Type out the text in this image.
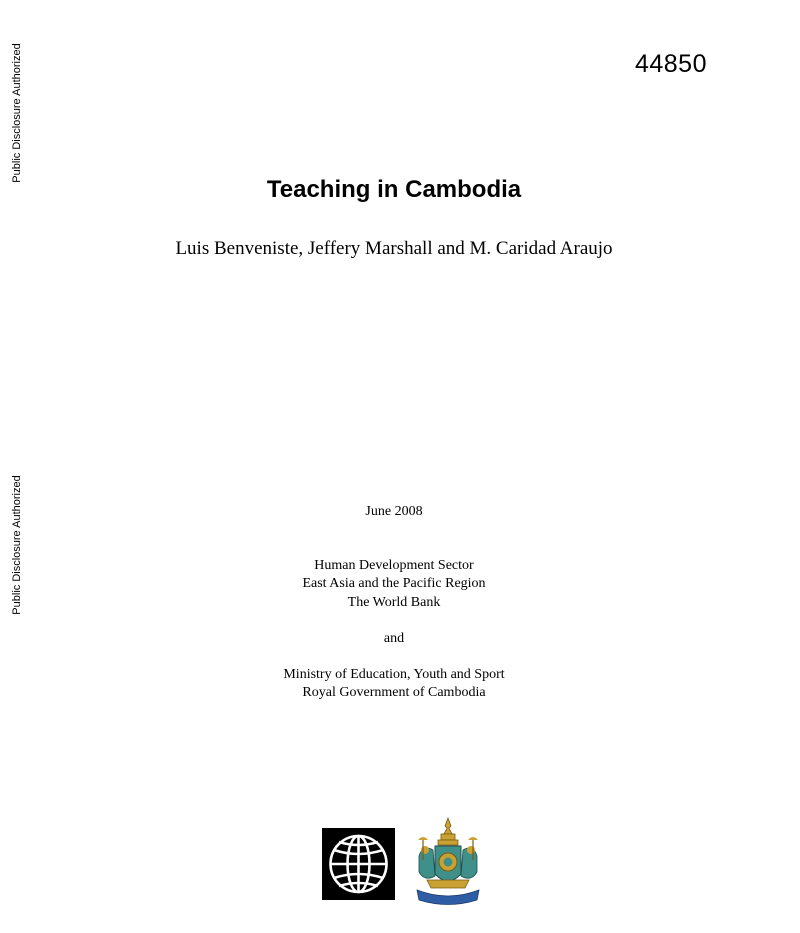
Public Disclosure Authorized
Public Disclosure Authorized
44850
Teaching in Cambodia
Luis Benveniste, Jeffery Marshall and M. Caridad Araujo
June 2008
Human Development Sector
East Asia and the Pacific Region
The World Bank
and
Ministry of Education, Youth and Sport
Royal Government of Cambodia
